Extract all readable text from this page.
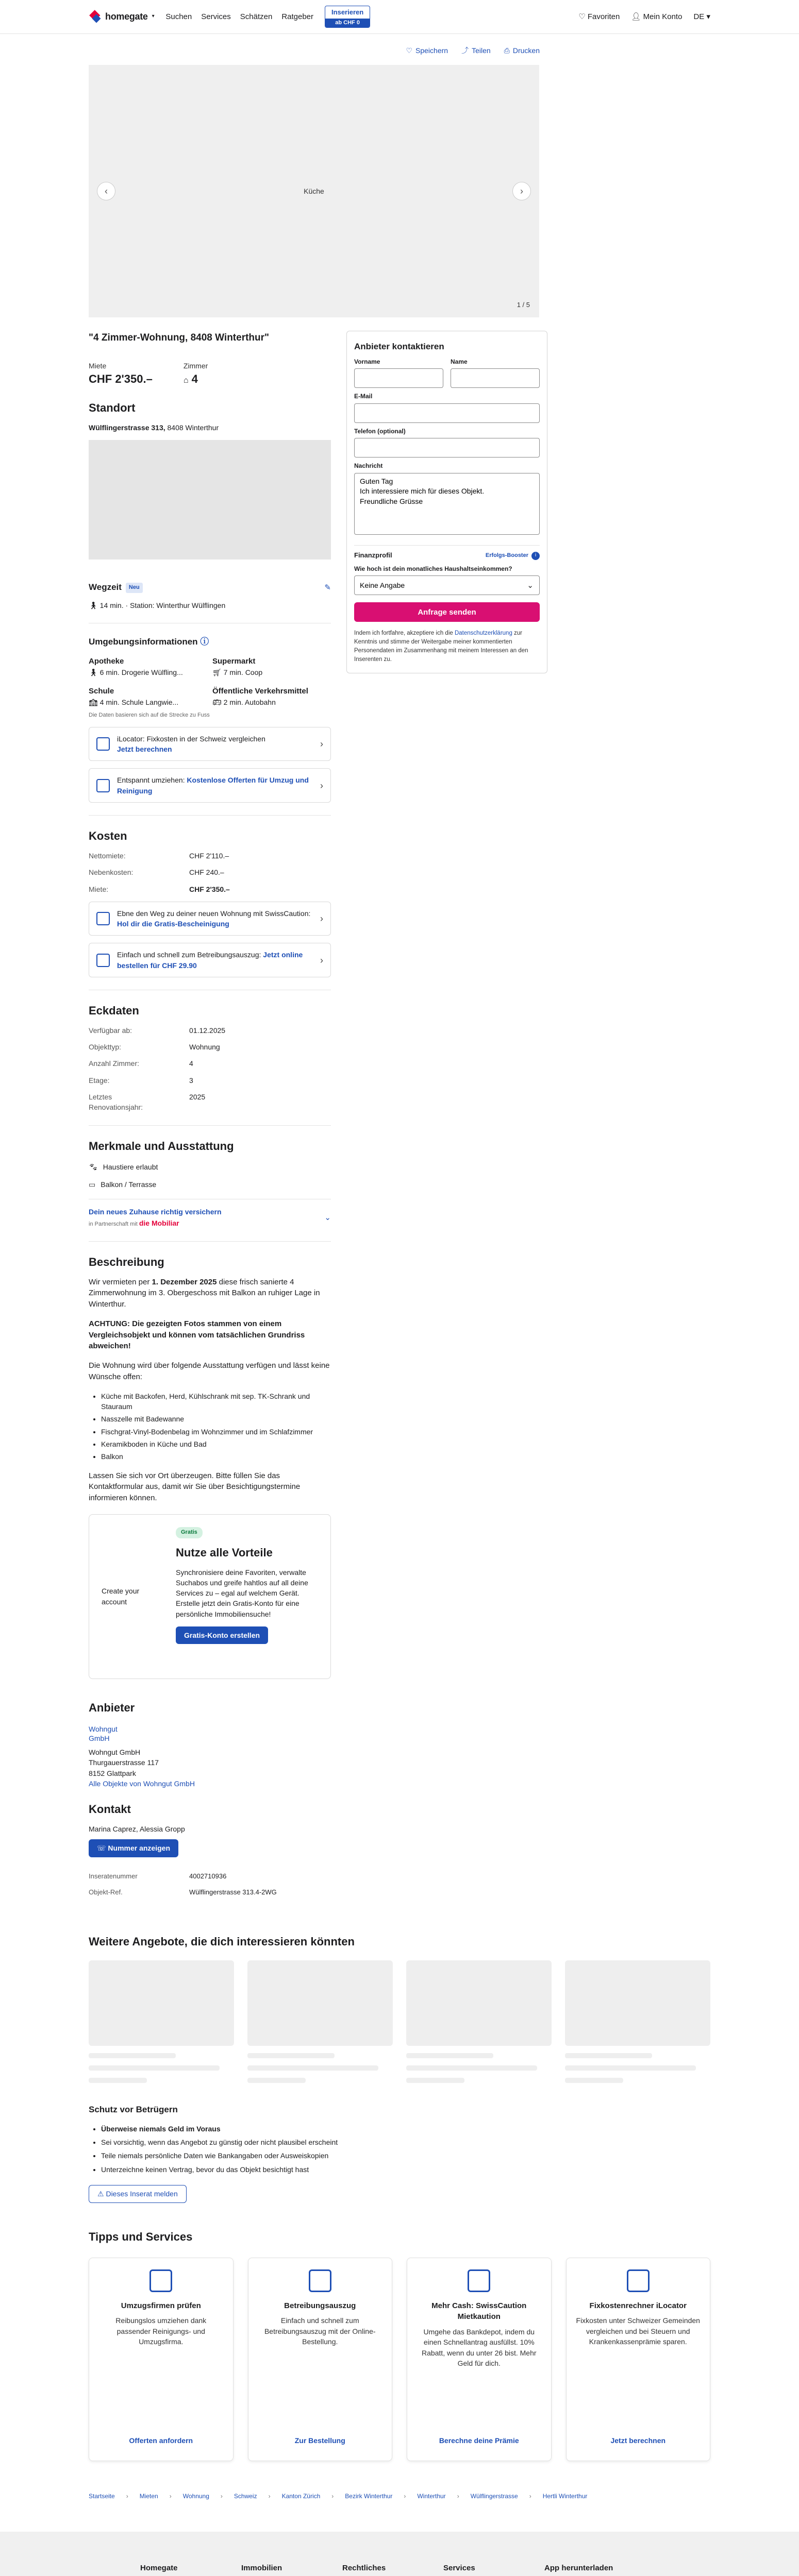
homegate ▾ Suchen Services Schätzen Ratgeber
Inserieren
ab CHF 0
♡ Favoriten 👤︎ Mein Konto DE ▾
♡ Speichern ⤴ Teilen ⎙ Drucken
‹	Küche	›
1 / 5
"4 Zimmer-Wohnung, 8408 Winterthur"
Miete
CHF 2'350.–
Zimmer
⌂ 4
Standort
Wülflingerstrasse 313, 8408 Winterthur
Wegzeit	Neu	✎
🚶︎ 14 min. · Station: Winterthur Wülflingen
Umgebungsinformationen ⓘ
Apotheke
🚶︎ 6 min. Drogerie Wülfling...
Supermarkt
🛒︎ 7 min. Coop
Schule
🏫︎ 4 min. Schule Langwie...
Öffentliche Verkehrsmittel
🚌︎ 2 min. Autobahn
Die Daten basieren sich auf die Strecke zu Fuss
iLocator: Fixkosten in der Schweiz vergleichen
Jetzt berechnen
›
Entspannt umziehen: Kostenlose Offerten für Umzug und Reinigung
›
Kosten
Nettomiete:	CHF 2'110.–
Nebenkosten:	CHF 240.–
Miete:	CHF 2'350.–
Ebne den Weg zu deiner neuen Wohnung mit SwissCaution: Hol dir die Gratis-Bescheinigung
›
Einfach und schnell zum Betreibungsauszug: Jetzt online bestellen für CHF 29.90
›
Eckdaten
Verfügbar ab:	01.12.2025
Objekttyp:	Wohnung
Anzahl Zimmer:	4
Etage:	3
Letztes Renovationsjahr:
2025
Merkmale und Ausstattung
🐾︎ Haustiere erlaubt
▭ Balkon / Terrasse
Dein neues Zuhause richtig versichern
in Partnerschaft mit die Mobiliar
⌄
Beschreibung

Wir vermieten per 1. Dezember 2025 diese frisch sanierte 4 Zimmerwohnung im 3. Obergeschoss mit Balkon an ruhiger Lage in Winterthur.

ACHTUNG: Die gezeigten Fotos stammen von einem Vergleichsobjekt und können vom tatsächlichen Grundriss abweichen!

Die Wohnung wird über folgende Ausstattung verfügen und lässt keine Wünsche offen:

• Küche mit Backofen, Herd, Kühlschrank mit sep. TK-Schrank und Stauraum
• Nasszelle mit Badewanne
• Fischgrat-Vinyl-Bodenbelag im Wohnzimmer und im Schlafzimmer
• Keramikboden in Küche und Bad
• Balkon

Lassen Sie sich vor Ort überzeugen. Bitte füllen Sie das Kontaktformular aus, damit wir Sie über Besichtigungstermine informieren können.

Create your account
Gratis
Nutze alle Vorteile
Synchronisiere deine Favoriten, verwalte Suchabos und greife hahtlos auf all deine Services zu – egal auf welchem Gerät. Erstelle jetzt dein Gratis-Konto für eine persönliche Immobiliensuche!
Gratis-Konto erstellen
Anbieter
Wohngut
GmbH
Wohngut GmbH
Thurgauerstrasse 117
8152 Glattpark
Alle Objekte von Wohngut GmbH
Kontakt
Marina Caprez, Alessia Gropp
☏ Nummer anzeigen
Inseratenummer	4002710936
Objekt-Ref.	Wülflingerstrasse 313.4-2WG
Anbieter kontaktieren
Vorname	Name
E-Mail
Telefon (optional)
Nachricht
Guten Tag Ich interessiere mich für dieses Objekt. Freundliche Grüsse
Finanzprofil	Erfolgs-Booster	i
Wie hoch ist dein monatliches Haushaltseinkommen?
Keine Angabe
⌄
Anfrage senden
Indem ich fortfahre, akzeptiere ich die Datenschutzerklärung zur Kenntnis und stimme der Weitergabe meiner kommentierten Personendaten im Zusammenhang mit meinem Interessen an den Inserenten zu.
Weitere Angebote, die dich interessieren könnten
Schutz vor Betrügern
• Überweise niemals Geld im Voraus
• Sei vorsichtig, wenn das Angebot zu günstig oder nicht plausibel erscheint
• Teile niemals persönliche Daten wie Bankangaben oder Ausweiskopien
• Unterzeichne keinen Vertrag, bevor du das Objekt besichtigt hast
⚠ Dieses Inserat melden
Tipps und Services
Umzugsfirmen prüfen

Reibungslos umziehen dank passender Reinigungs- und Umzugsfirma.

Offerten anfordern
Betreibungsauszug

Einfach und schnell zum Betreibungsauszug mit der Online-Bestellung.

Zur Bestellung
Mehr Cash: SwissCaution Mietkaution

Umgehe das Bankdepot, indem du einen Schnellantrag ausfüllst. 10% Rabatt, wenn du unter 26 bist. Mehr Geld für dich.

Berechne deine Prämie
Fixkostenrechner iLocator

Fixkosten unter Schweizer Gemeinden vergleichen und bei Steuern und Krankenkassenprämie sparen.

Jetzt berechnen
Startseite › Mieten › Wohnung › Schweiz › Kanton Zürich › Bezirk Winterthur › Winterthur › Wülflingerstrasse › Hertli Winterthur
Homegate	Immobilien	Rechtliches	Services	App herunterladen
